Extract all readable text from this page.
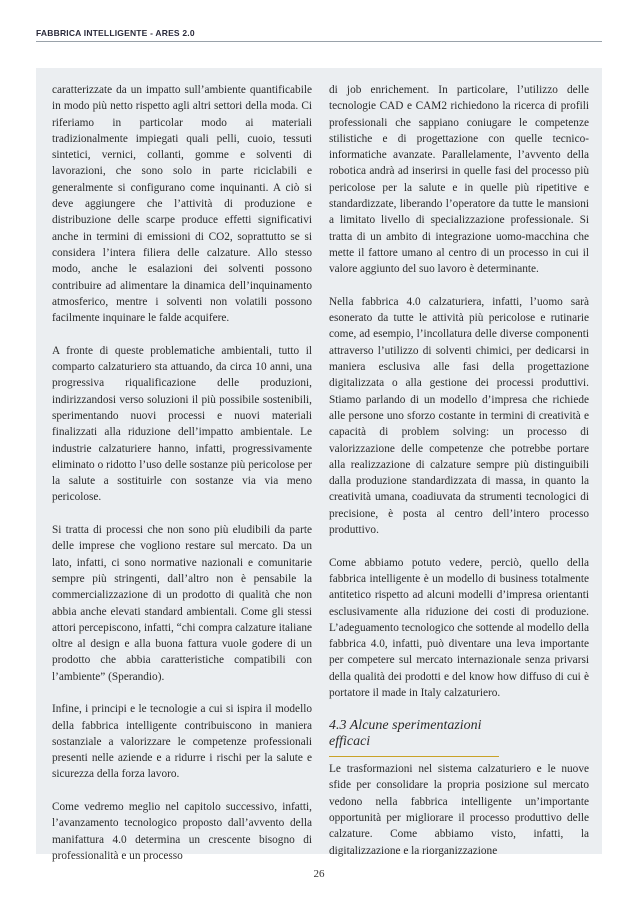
FABBRICA INTELLIGENTE - ARES 2.0

caratterizzate da un impatto sull’ambiente quantificabile in modo più netto rispetto agli altri settori della moda. Ci riferiamo in particolar modo ai materiali tradizionalmente impiegati quali pelli, cuoio, tessuti sintetici, vernici, collanti, gomme e solventi di lavorazioni, che sono solo in parte riciclabili e generalmente si configurano come inquinanti. A ciò si deve aggiungere che l’attività di produzione e distribuzione delle scarpe produce effetti significativi anche in termini di emissioni di CO2, soprattutto se si considera l’intera filiera delle calzature. Allo stesso modo, anche le esalazioni dei solventi possono contribuire ad alimentare la dinamica dell’inquinamento atmosferico, mentre i solventi non volatili possono facilmente inquinare le falde acquifere.

A fronte di queste problematiche ambientali, tutto il comparto calzaturiero sta attuando, da circa 10 anni, una progressiva riqualificazione delle produzioni, indirizzandosi verso soluzioni il più possibile sostenibili, sperimentando nuovi processi e nuovi materiali finalizzati alla riduzione dell’impatto ambientale. Le industrie calzaturiere hanno, infatti, progressivamente eliminato o ridotto l’uso delle sostanze più pericolose per la salute a sostituirle con sostanze via via meno pericolose.

Si tratta di processi che non sono più eludibili da parte delle imprese che vogliono restare sul mercato. Da un lato, infatti, ci sono normative nazionali e comunitarie sempre più stringenti, dall’altro non è pensabile la commercializzazione di un prodotto di qualità che non abbia anche elevati standard ambientali. Come gli stessi attori percepiscono, infatti, “chi compra calzature italiane oltre al design e alla buona fattura vuole godere di un prodotto che abbia caratteristiche compatibili con l’ambiente” (Sperandio).

Infine, i principi e le tecnologie a cui si ispira il modello della fabbrica intelligente contribuiscono in maniera sostanziale a valorizzare le competenze professionali presenti nelle aziende e a ridurre i rischi per la salute e sicurezza della forza lavoro.

Come vedremo meglio nel capitolo successivo, infatti, l’avanzamento tecnologico proposto dall’avvento della manifattura 4.0 determina un crescente bisogno di professionalità e un processo

di job enrichement. In particolare, l’utilizzo delle tecnologie CAD e CAM2 richiedono la ricerca di profili professionali che sappiano coniugare le competenze stilistiche e di progettazione con quelle tecnico-informatiche avanzate. Parallelamente, l’avvento della robotica andrà ad inserirsi in quelle fasi del processo più pericolose per la salute e in quelle più ripetitive e standardizzate, liberando l’operatore da tutte le mansioni a limitato livello di specializzazione professionale. Si tratta di un ambito di integrazione uomo-macchina che mette il fattore umano al centro di un processo in cui il valore aggiunto del suo lavoro è determinante.

Nella fabbrica 4.0 calzaturiera, infatti, l’uomo sarà esonerato da tutte le attività più pericolose e rutinarie come, ad esempio, l’incollatura delle diverse componenti attraverso l’utilizzo di solventi chimici, per dedicarsi in maniera esclusiva alle fasi della progettazione digitalizzata o alla gestione dei processi produttivi. Stiamo parlando di un modello d’impresa che richiede alle persone uno sforzo costante in termini di creatività e capacità di problem solving: un processo di valorizzazione delle competenze che potrebbe portare alla realizzazione di calzature sempre più distinguibili dalla produzione standardizzata di massa, in quanto la creatività umana, coadiuvata da strumenti tecnologici di precisione, è posta al centro dell’intero processo produttivo.

Come abbiamo potuto vedere, perciò, quello della fabbrica intelligente è un modello di business totalmente antitetico rispetto ad alcuni modelli d’impresa orientanti esclusivamente alla riduzione dei costi di produzione. L’adeguamento tecnologico che sottende al modello della fabbrica 4.0, infatti, può diventare una leva importante per competere sul mercato internazionale senza privarsi della qualità dei prodotti e del know how diffuso di cui è portatore il made in Italy calzaturiero.

4.3 Alcune sperimentazioni efficaci

Le trasformazioni nel sistema calzaturiero e le nuove sfide per consolidare la propria posizione sul mercato vedono nella fabbrica intelligente un’importante opportunità per migliorare il processo produttivo delle calzature. Come abbiamo visto, infatti, la digitalizzazione e la riorganizzazione

26
